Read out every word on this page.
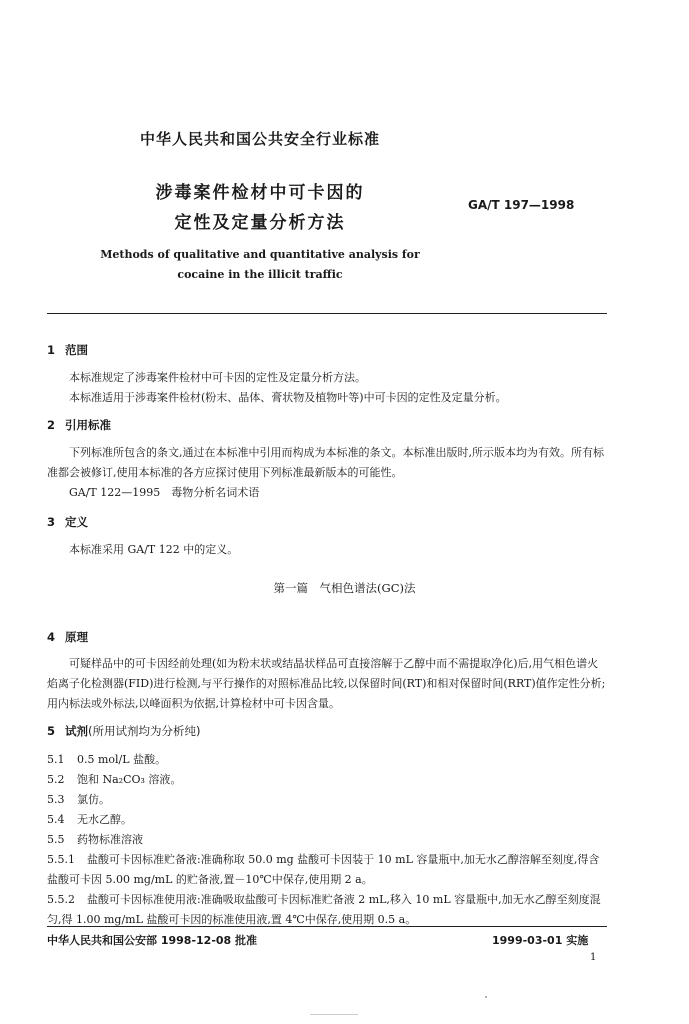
中华人民共和国公共安全行业标准
涉毒案件检材中可卡因的
定性及定量分析方法
GA/T 197—1998
Methods of qualitative and quantitative analysis for
cocaine in the illicit traffic
1 范围
本标准规定了涉毒案件检材中可卡因的定性及定量分析方法。
本标准适用于涉毒案件检材(粉末、晶体、膏状物及植物叶等)中可卡因的定性及定量分析。
2 引用标准
下列标准所包含的条文,通过在本标准中引用而构成为本标准的条文。本标准出版时,所示版本均为有效。所有标准都会被修订,使用本标准的各方应探讨使用下列标准最新版本的可能性。
GA/T 122—1995　毒物分析名词术语
3 定义
本标准采用 GA/T 122 中的定义。
第一篇　气相色谱法(GC)法
4 原理
可疑样品中的可卡因经前处理(如为粉末状或结晶状样品可直接溶解于乙醇中而不需提取净化)后,用气相色谱火焰离子化检测器(FID)进行检测,与平行操作的对照标准品比较,以保留时间(RT)和相对保留时间(RRT)值作定性分析;用内标法或外标法,以峰面积为依据,计算检材中可卡因含量。
5 试剂(所用试剂均为分析纯)
5.1 0.5 mol/L 盐酸。
5.2 饱和 Na₂CO₃ 溶液。
5.3 氯仿。
5.4 无水乙醇。
5.5 药物标准溶液
5.5.1 盐酸可卡因标准贮备液:准确称取 50.0 mg 盐酸可卡因装于 10 mL 容量瓶中,加无水乙醇溶解至刻度,得含盐酸可卡因 5.00 mg/mL 的贮备液,置－10℃中保存,使用期 2 a。
5.5.2 盐酸可卡因标准使用液:准确吸取盐酸可卡因标准贮备液 2 mL,移入 10 mL 容量瓶中,加无水乙醇至刻度混匀,得 1.00 mg/mL 盐酸可卡因的标准使用液,置 4℃中保存,使用期 0.5 a。
中华人民共和国公安部 1998-12-08 批准	1999-03-01 实施
1
